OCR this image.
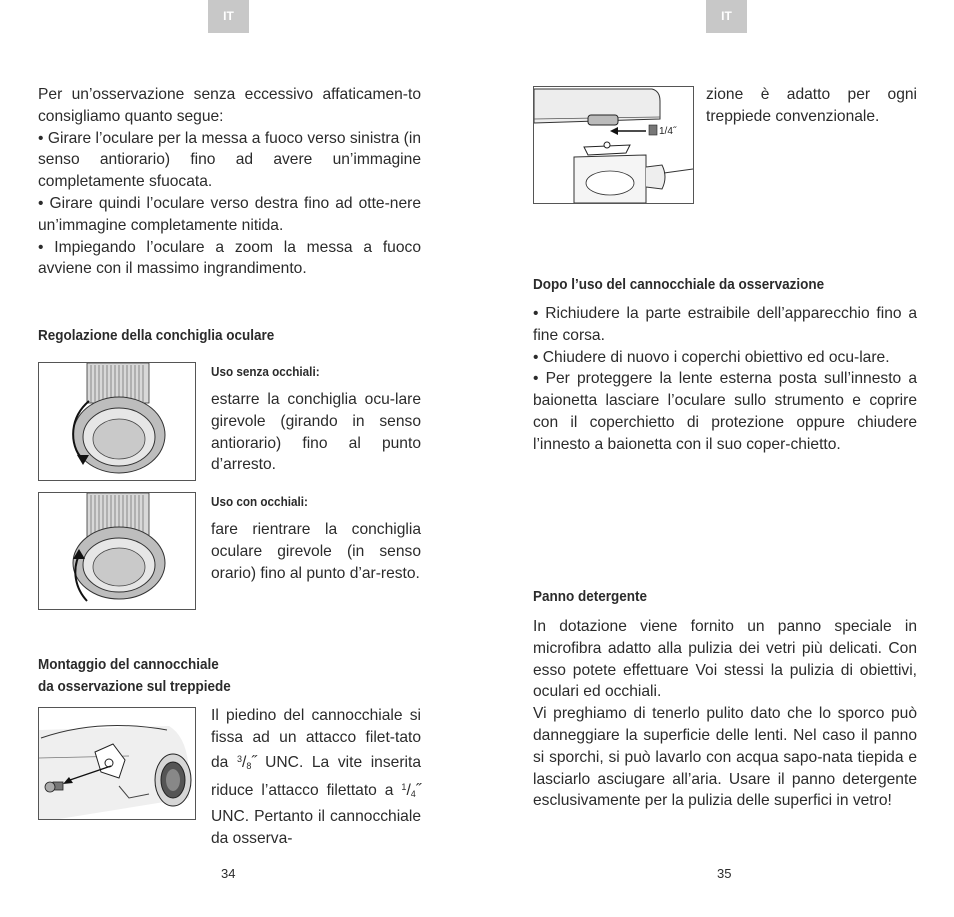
IT

Per un’osservazione senza eccessivo affaticamen-to consigliamo quanto segue:

• Girare l’oculare per la messa a fuoco verso sinistra (in senso antiorario) fino ad avere un’immagine completamente sfuocata.

• Girare quindi l’oculare verso destra fino ad otte-nere un’immagine completamente nitida.

• Impiegando l’oculare a zoom la messa a fuoco avviene con il massimo ingrandimento.

Regolazione della conchiglia oculare
Uso senza occhiali:
estarre la conchiglia ocu-lare girevole (girando in senso antiorario) fino al punto d’arresto.
Uso con occhiali:
fare rientrare la conchiglia oculare girevole (in senso orario) fino al punto d’ar-resto.
Montaggio del cannocchiale
da osservazione sul treppiede
Il piedino del cannocchiale si fissa ad un attacco filet-tato da $^3$/8˝ UNC. La vite inserita riduce l’attacco filettato a $^1$/4˝ UNC. Pertanto il cannocchiale da osserva-
34
IT
1/4˝
zione è adatto per ogni treppiede convenzionale.
Dopo l’uso del cannocchiale da osservazione

• Richiudere la parte estraibile dell’apparecchio fino a fine corsa.

• Chiudere di nuovo i coperchi obiettivo ed ocu-lare.

• Per proteggere la lente esterna posta sull’innesto a baionetta lasciare l’oculare sullo strumento e coprire con il coperchietto di protezione oppure chiudere l’innesto a baionetta con il suo coper-chietto.

Panno detergente

In dotazione viene fornito un panno speciale in microfibra adatto alla pulizia dei vetri più delicati. Con esso potete effettuare Voi stessi la pulizia di obiettivi, oculari ed occhiali.

Vi preghiamo di tenerlo pulito dato che lo sporco può danneggiare la superficie delle lenti. Nel caso il panno si sporchi, si può lavarlo con acqua sapo-nata tiepida e lasciarlo asciugare all’aria. Usare il panno detergente esclusivamente per la pulizia delle superfici in vetro!

35
